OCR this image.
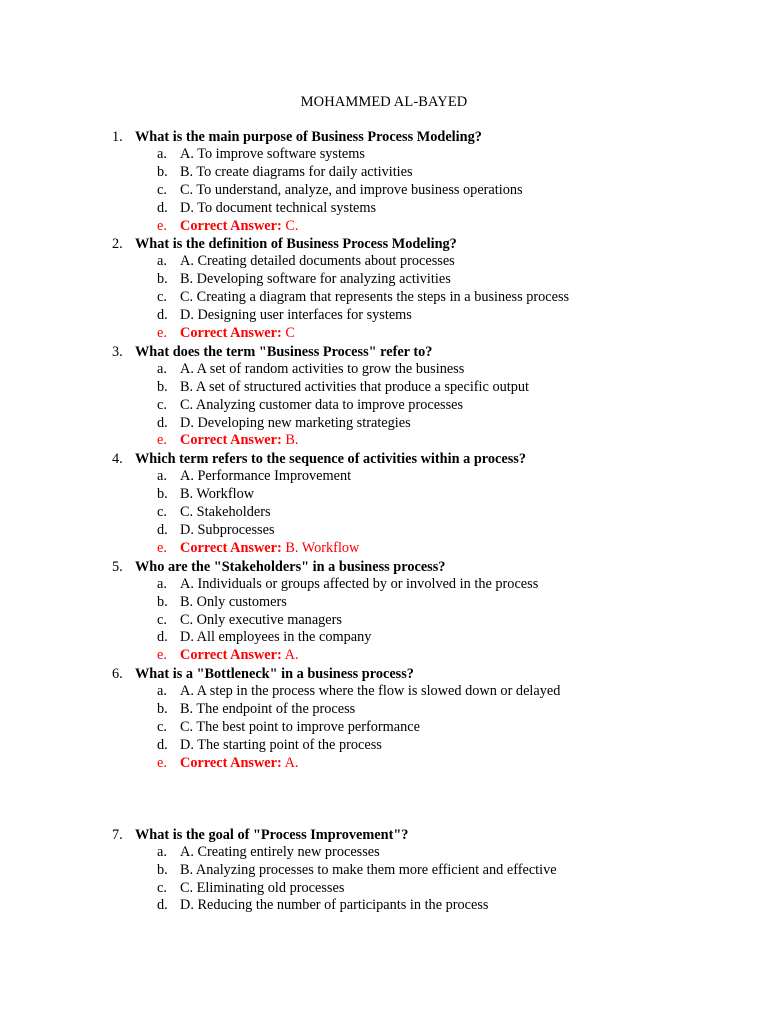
MOHAMMED AL-BAYED
1. What is the main purpose of Business Process Modeling?
a. A. To improve software systems
b. B. To create diagrams for daily activities
c. C. To understand, analyze, and improve business operations
d. D. To document technical systems
e. Correct Answer: C.
2. What is the definition of Business Process Modeling?
a. A. Creating detailed documents about processes
b. B. Developing software for analyzing activities
c. C. Creating a diagram that represents the steps in a business process
d. D. Designing user interfaces for systems
e. Correct Answer: C
3. What does the term "Business Process" refer to?
a. A. A set of random activities to grow the business
b. B. A set of structured activities that produce a specific output
c. C. Analyzing customer data to improve processes
d. D. Developing new marketing strategies
e. Correct Answer: B.
4. Which term refers to the sequence of activities within a process?
a. A. Performance Improvement
b. B. Workflow
c. C. Stakeholders
d. D. Subprocesses
e. Correct Answer: B. Workflow
5. Who are the "Stakeholders" in a business process?
a. A. Individuals or groups affected by or involved in the process
b. B. Only customers
c. C. Only executive managers
d. D. All employees in the company
e. Correct Answer: A.
6. What is a "Bottleneck" in a business process?
a. A. A step in the process where the flow is slowed down or delayed
b. B. The endpoint of the process
c. C. The best point to improve performance
d. D. The starting point of the process
e. Correct Answer: A.
7. What is the goal of "Process Improvement"?
a. A. Creating entirely new processes
b. B. Analyzing processes to make them more efficient and effective
c. C. Eliminating old processes
d. D. Reducing the number of participants in the process
